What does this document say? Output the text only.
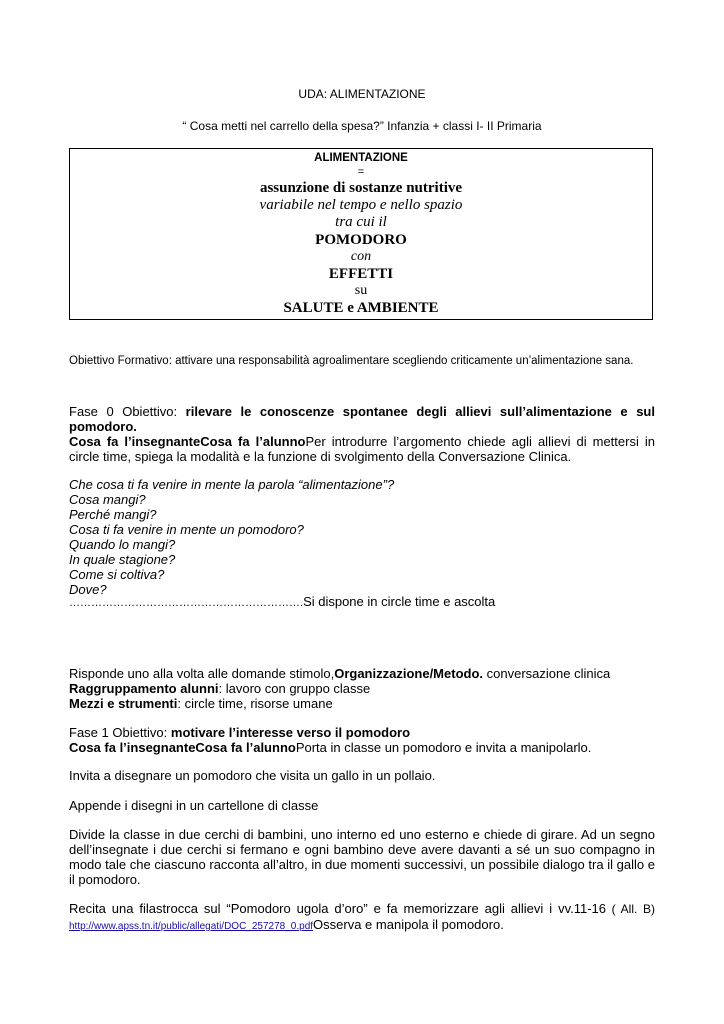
UDA: ALIMENTAZIONE
“ Cosa metti nel carrello della spesa?” Infanzia + classi I- II Primaria
ALIMENTAZIONE
=
assunzione di sostanze nutritive
variabile nel tempo e nello spazio
tra cui il
POMODORO
con
EFFETTI
su
SALUTE e AMBIENTE
Obiettivo Formativo: attivare una responsabilità agroalimentare scegliendo criticamente un’alimentazione sana.
Fase 0 Obiettivo: rilevare le conoscenze spontanee degli allievi sull’alimentazione e sul pomodoro.
Cosa fa l’insegnanteCosa fa l’alunnoPer introdurre l’argomento chiede agli allievi di mettersi in circle time, spiega la modalità e la funzione di svolgimento della Conversazione Clinica.
Che cosa ti fa venire in mente la parola “alimentazione”?
Cosa mangi?
Perché mangi?
Cosa ti fa venire in mente un pomodoro?
Quando lo mangi?
In quale stagione?
Come si coltiva?
Dove?
……………………………………………………….Si dispone in circle time e ascolta
Risponde uno alla volta alle domande stimolo,Organizzazione/Metodo. conversazione clinica
Raggruppamento alunni: lavoro con gruppo classe
Mezzi e strumenti: circle time, risorse umane
Fase 1 Obiettivo: motivare l’interesse verso il pomodoro
Cosa fa l’insegnanteCosa fa l’alunnoPorta in classe un pomodoro e invita a manipolarlo.
Invita a disegnare un pomodoro che visita un gallo in un pollaio.
Appende i disegni in un cartellone di classe
Divide la classe in due cerchi di bambini, uno interno ed uno esterno e chiede di girare. Ad un segno dell’insegnate i due cerchi si fermano e ogni bambino deve avere davanti a sé un suo compagno in modo tale che ciascuno racconta all’altro, in due momenti successivi, un possibile dialogo tra il gallo e il pomodoro.
Recita una filastrocca sul “Pomodoro ugola d’oro” e fa memorizzare agli allievi i vv.11-16 ( All. B) http://www.apss.tn.it/public/allegati/DOC_257278_0.pdfOsserva e manipola il pomodoro.
